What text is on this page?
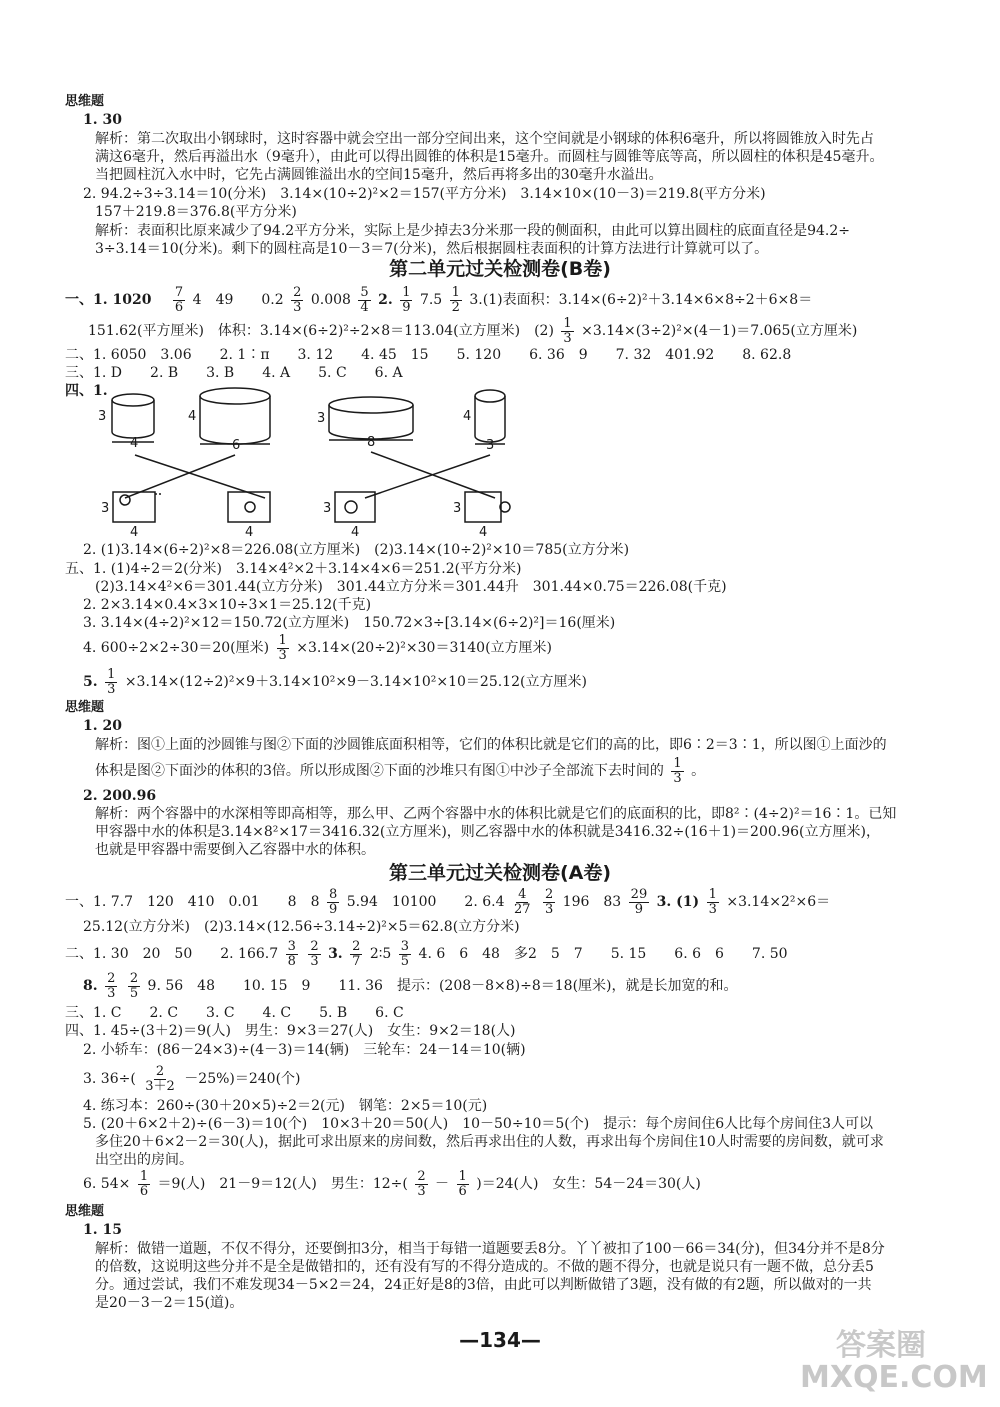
思维题
1. 30
解析：第二次取出小钢球时，这时容器中就会空出一部分空间出来，这个空间就是小钢球的体积6毫升，所以将圆锥放入时先占
满这6毫升，然后再溢出水（9毫升），由此可以得出圆锥的体积是15毫升。而圆柱与圆锥等底等高，所以圆柱的体积是45毫升。
当把圆柱沉入水中时，它先占满圆锥溢出水的空间15毫升，然后再将多出的30毫升水溢出。
2. 94.2÷3÷3.14＝10(分米)　3.14×(10÷2)²×2＝157(平方分米)　3.14×10×(10－3)＝219.8(平方分米)
157＋219.8＝376.8(平方分米)
解析：表面积比原来减少了94.2平方分米，实际上是少掉去3分米那一段的侧面积，由此可以算出圆柱的底面直径是94.2÷
3÷3.14＝10(分米)。剩下的圆柱高是10－3＝7(分米)，然后根据圆柱表面积的计算方法进行计算就可以了。
第二单元过关检测卷(B卷)
一、1. 1020　 $\frac{7}{6} 4$　49　　$0.2 \frac{2}{3} 0.008 \frac{5}{4} 2$. $\frac{1}{9} 7.5 \frac{1}{2} 3.(1)$表面积：3.14×(6÷2)²＋3.14×6×8÷2＋6×8＝
151.62(平方厘米)　体积：3.14×(6÷2)²÷2×8＝113.04(立方厘米)　$(2) \frac{1}{3} \times 3.14\times(3\div 2)^2\times(4-1)=7.065$(立方厘米)
二、1. 6050　3.06　　2. 1∶π　　3. 12　　4. 45　15　　5. 120　　6. 36　9　　7. 32　401.92　　8. 62.8
三、1. D　　2. B　　3. B　　4. A　　5. C　　6. A
四、1.
3
4
4
6
3
8
4
3
3
4	4
3
4
3
4
2. (1)3.14×(6÷2)²×8＝226.08(立方厘米)　(2)3.14×(10÷2)²×10＝785(立方分米)
五、1. (1)4÷2＝2(分米)　3.14×4²×2＋3.14×4×6＝251.2(平方分米)
(2)3.14×4²×6＝301.44(立方分米)　301.44立方分米＝301.44升　301.44×0.75＝226.08(千克)
2. 2×3.14×0.4×3×10÷3×1＝25.12(千克)
3. 3.14×(4÷2)²×12＝150.72(立方厘米)　150.72×3÷[3.14×(6÷2)²]＝16(厘米)
4. 600÷2×2÷30＝20(厘米) $\frac{1}{3} \times 3.14\times(20\div 2)^2\times 30=3140$(立方厘米)
5. $\frac{1}{3} \times 3.14\times(12\div 2)^2\times 9+3.14\times 10^2\times 9-3.14\times 10^2\times 10=25.12$(立方厘米)
思维题
1. 20
解析：图①上面的沙圆锥与图②下面的沙圆锥底面积相等，它们的体积比就是它们的高的比，即6∶2＝3∶1，所以图①上面沙的
体积是图②下面沙的体积的3倍。所以形成图②下面的沙堆只有图①中沙子全部流下去时间的 $\frac{1}{3}$ 。
2. 200.96
解析：两个容器中的水深相等即高相等，那么甲、乙两个容器中水的体积比就是它们的底面积的比，即8²∶(4÷2)²＝16∶1。已知
甲容器中水的体积是3.14×8²×17＝3416.32(立方厘米)，则乙容器中水的体积就是3416.32÷(16＋1)＝200.96(立方厘米)，
也就是甲容器中需要倒入乙容器中水的体积。
第三单元过关检测卷(A卷)
一、1. 7.7　120　410　0.01　　8　$8 \frac{8}{9} 5.94$　10100　　2. $6.4 \frac{4}{27}$
$\frac{2}{3} 196$　$83 \frac{29}{9} 3$. $(1) \frac{1}{3} \times 3.14\times 2^2\times 6=$
25.12(立方分米)　(2)3.14×(12.56÷3.14÷2)²×5＝62.8(立方分米)
二、1. 30　20　50　　2. $166.7 \frac{3}{8}$
$\frac{2}{3} 3$. $\frac{2}{7}$ 2∶5 $\frac{3}{5} 4$. 6　6　48　多2　5　7　　5. 15　　6. 6　6　　7. 50
8. $\frac{2}{3}$
$\frac{2}{5} 9$. 56　48　　10. 15　9　　11. 36　提示：(208－8×8)÷8＝18(厘米)，就是长加宽的和。
三、1. C　　2. C　　3. C　　4. C　　5. B　　6. C
四、1. 45÷(3＋2)＝9(人)　男生：9×3＝27(人)　女生：9×2＝18(人)
2. 小轿车：(86－24×3)÷(4－3)＝14(辆)　三轮车：24－14＝10(辆)
3. $36\div( \frac{2}{3+2} -25\%)=240$(个)
4. 练习本：260÷(30＋20×5)÷2＝2(元)　钢笔：2×5＝10(元)
5. (20＋6×2＋2)÷(6－3)＝10(个)　10×3＋20＝50(人)　10－50÷10＝5(个)　提示：每个房间住6人比每个房间住3人可以
多住20＋6×2－2＝30(人)，据此可求出原来的房间数，然后再求出住的人数，再求出每个房间住10人时需要的房间数，就可求
出空出的房间。
6. $54\times \frac{1}{6} =9$(人)　21－9＝12(人)　男生：$12\div( \frac{2}{3} - \frac{1}{6} )=24$(人)　女生：54－24＝30(人)
思维题
1. 15
解析：做错一道题，不仅不得分，还要倒扣3分，相当于每错一道题要丢8分。丫丫被扣了100－66＝34(分)，但34分并不是8分
的倍数，这说明这些分并不是全是做错扣的，还有没有写的不得分造成的。不做的题不得分，也就是说只有一题不做，总分丢5
分。通过尝试，我们不难发现34－5×2＝24，24正好是8的3倍，由此可以判断做错了3题，没有做的有2题，所以做对的一共
是20－3－2＝15(道)。
—134—	答案圈
MXQE.COM
